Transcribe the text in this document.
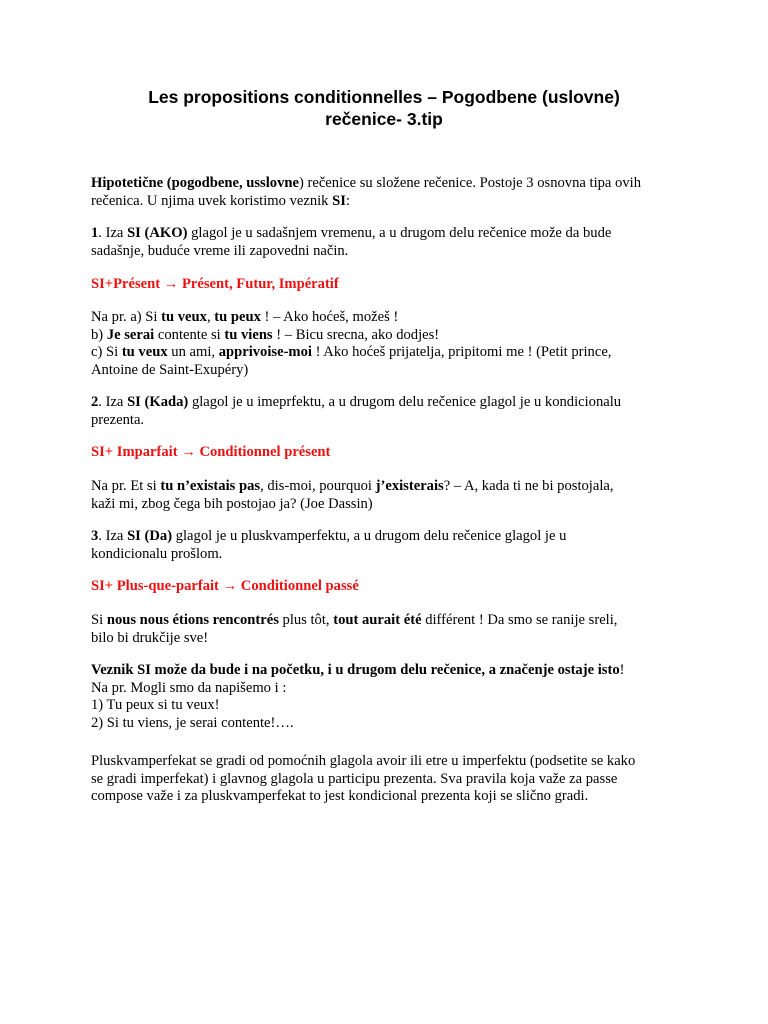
Les propositions conditionnelles – Pogodbene (uslovne)
rečenice- 3.tip

Hipotetične (pogodbene, usslovne) rečenice su složene rečenice. Postoje 3 osnovna tipa ovih

rečenica. U njima uvek koristimo veznik SI:

1. Iza SI (AKO) glagol je u sadašnjem vremenu, a u drugom delu rečenice može da bude

sadašnje, buduće vreme ili zapovedni način.

SI+Présent → Présent, Futur, Impératif

Na pr. a) Si tu veux, tu peux ! – Ako hoćeš, možeš !

b) Je serai contente si tu viens ! – Bicu srecna, ako dodjes!

c) Si tu veux un ami, apprivoise-moi ! Ako hoćeš prijatelja, pripitomi me ! (Petit prince,

Antoine de Saint-Exupéry)

2. Iza SI (Kada) glagol je u imeprfektu, a u drugom delu rečenice glagol je u kondicionalu

prezenta.

SI+ Imparfait → Conditionnel présent

Na pr. Et si tu n’existais pas, dis-moi, pourquoi j’existerais? – A, kada ti ne bi postojala,

kaži mi, zbog čega bih postojao ja? (Joe Dassin)

3. Iza SI (Da) glagol je u pluskvamperfektu, a u drugom delu rečenice glagol je u

kondicionalu prošlom.

SI+ Plus-que-parfait → Conditionnel passé

Si nous nous étions rencontrés plus tôt, tout aurait été différent ! Da smo se ranije sreli,

bilo bi drukčije sve!

Veznik SI može da bude i na početku, i u drugom delu rečenice, a značenje ostaje isto!

Na pr. Mogli smo da napišemo i :

1) Tu peux si tu veux!

2) Si tu viens, je serai contente!….

Pluskvamperfekat se gradi od pomoćnih glagola avoir ili etre u imperfektu (podsetite se kako

se gradi imperfekat) i glavnog glagola u participu prezenta. Sva pravila koja važe za passe

compose važe i za pluskvamperfekat to jest kondicional prezenta koji se slično gradi.
